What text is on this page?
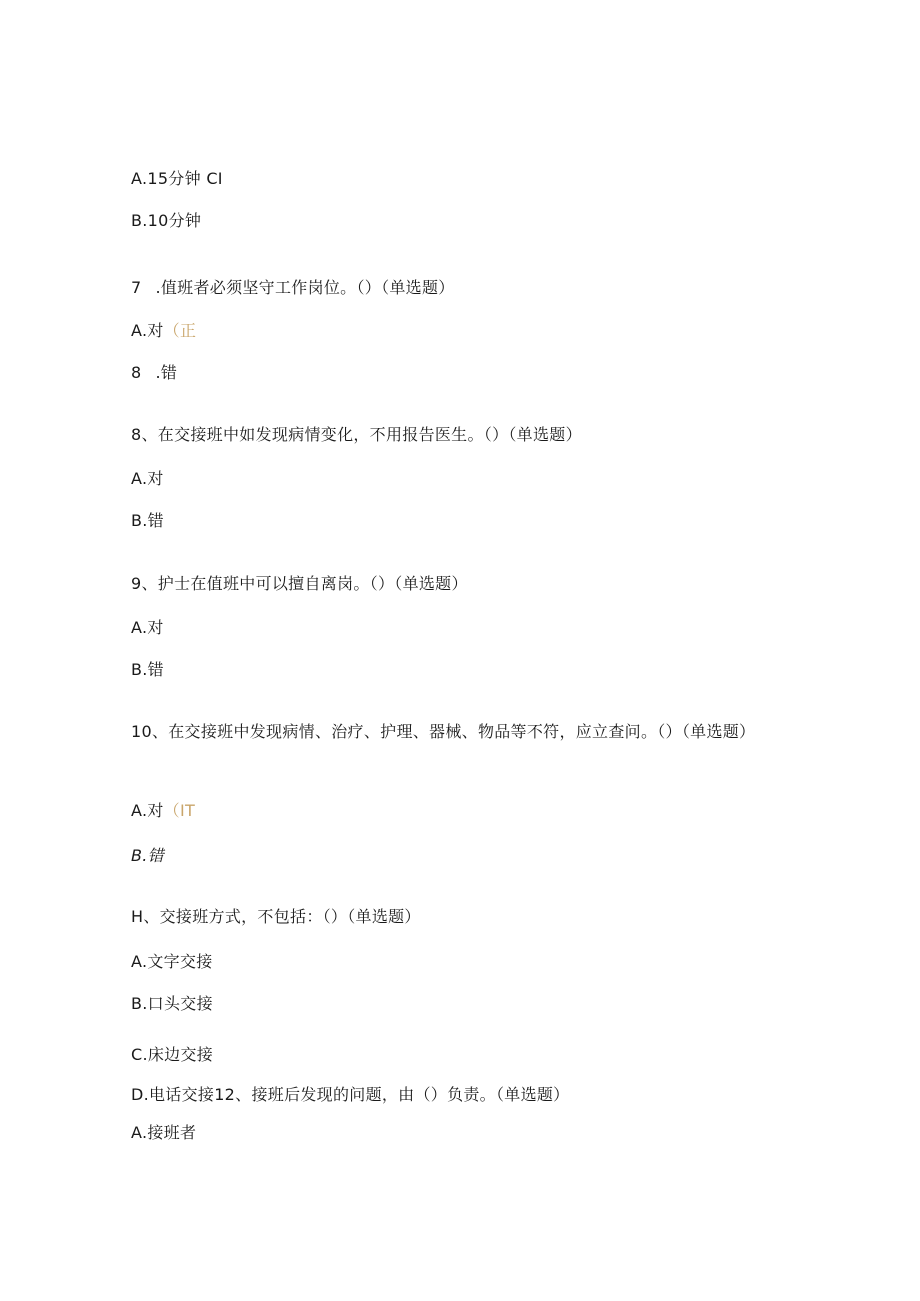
A.15分钟 CI
B.10分钟
7 .值班者必须坚守工作岗位。（）（单选题）
A.对（正
8 .错
8、在交接班中如发现病情变化，不用报告医生。（）（单选题）
A.对
B.错
9、护士在值班中可以擅自离岗。（）（单选题）
A.对
B.错
10、在交接班中发现病情、治疗、护理、器械、物品等不符，应立查问。（）（单选题）
A.对（IT
B.错
H、交接班方式，不包括：（）（单选题）
A.文字交接
B.口头交接
C.床边交接
D.电话交接12、接班后发现的问题，由（）负责。（单选题）
A.接班者
